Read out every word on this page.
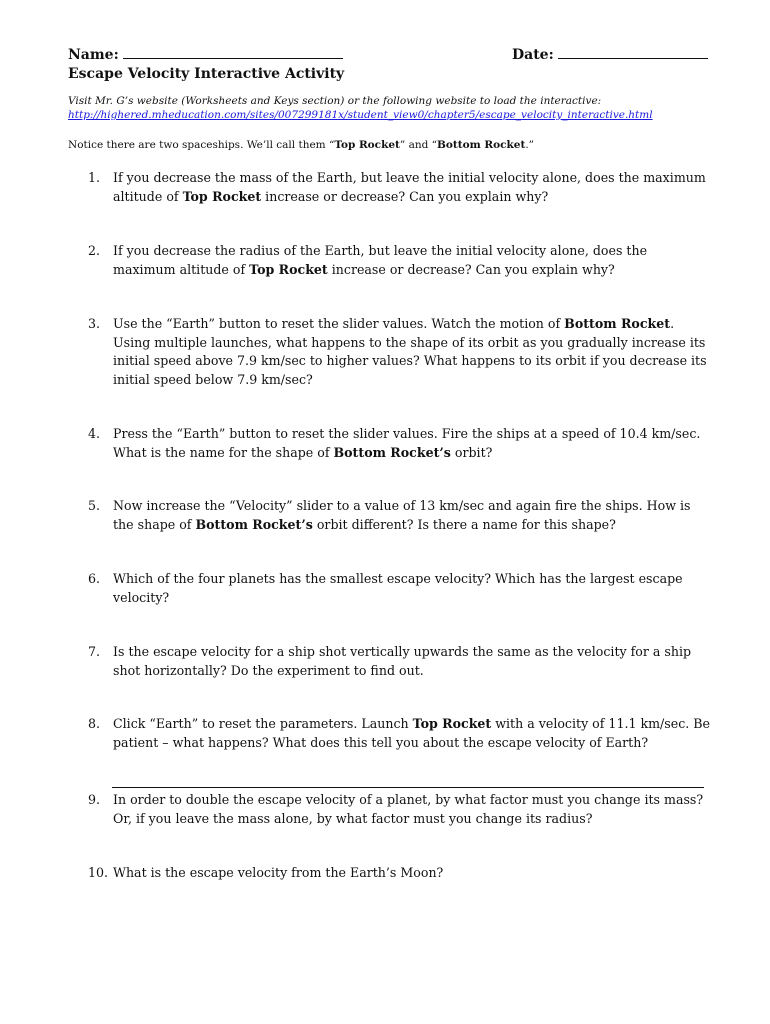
Name:	Date:
Escape Velocity Interactive Activity
Visit Mr. G’s website (Worksheets and Keys section) or the following website to load the interactive:
http://highered.mheducation.com/sites/007299181x/student_view0/chapter5/escape_velocity_interactive.html
Notice there are two spaceships. We’ll call them “Top Rocket” and “Bottom Rocket.”
1.	If you decrease the mass of the Earth, but leave the initial velocity alone, does the maximum altitude of Top Rocket increase or decrease? Can you explain why?
2.	If you decrease the radius of the Earth, but leave the initial velocity alone, does the maximum altitude of Top Rocket increase or decrease? Can you explain why?
3.	Use the “Earth” button to reset the slider values. Watch the motion of Bottom Rocket. Using multiple launches, what happens to the shape of its orbit as you gradually increase its initial speed above 7.9 km/sec to higher values? What happens to its orbit if you decrease its initial speed below 7.9 km/sec?
4.	Press the “Earth” button to reset the slider values. Fire the ships at a speed of 10.4 km/sec. What is the name for the shape of Bottom Rocket’s orbit?
5.	Now increase the “Velocity” slider to a value of 13 km/sec and again fire the ships. How is the shape of Bottom Rocket’s orbit different? Is there a name for this shape?
6.	Which of the four planets has the smallest escape velocity? Which has the largest escape velocity?
7.	Is the escape velocity for a ship shot vertically upwards the same as the velocity for a ship shot horizontally? Do the experiment to find out.
8.	Click “Earth” to reset the parameters. Launch Top Rocket with a velocity of 11.1 km/sec. Be patient – what happens? What does this tell you about the escape velocity of Earth?
9.	In order to double the escape velocity of a planet, by what factor must you change its mass? Or, if you leave the mass alone, by what factor must you change its radius?
10. What is the escape velocity from the Earth’s Moon?
